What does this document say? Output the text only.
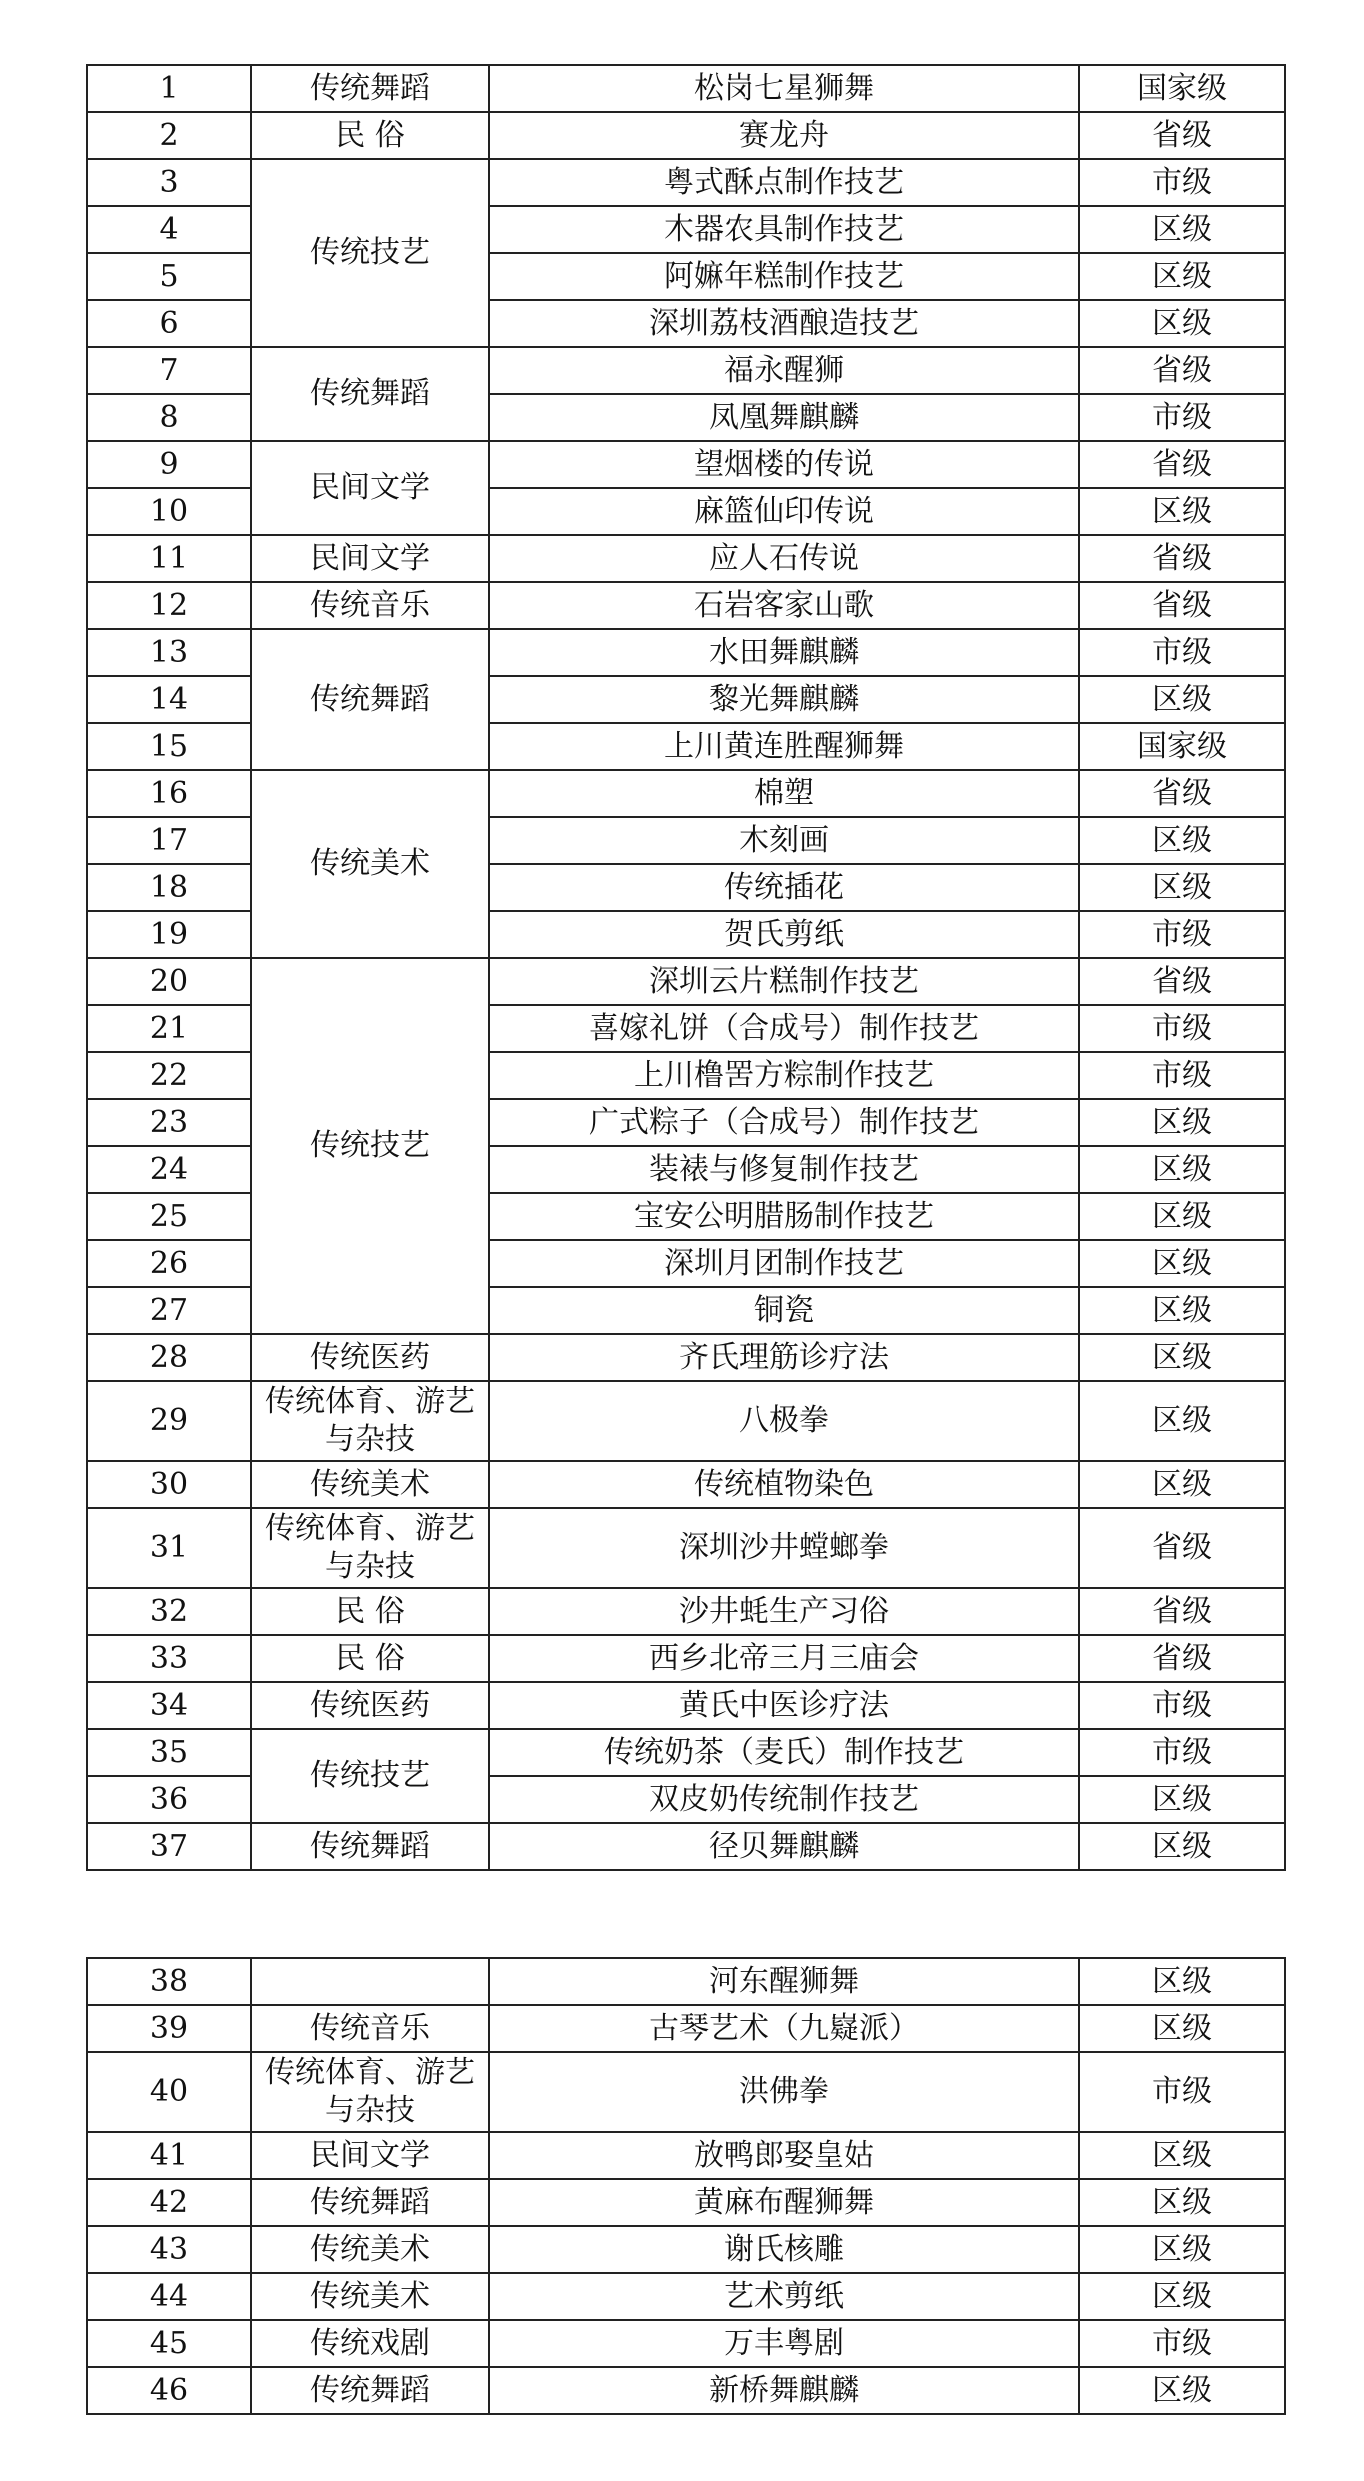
1	传统舞蹈	松岗七星狮舞	国家级
2	民 俗	赛龙舟	省级
3	传统技艺	粤式酥点制作技艺	市级
4		木器农具制作技艺	区级
5		阿嫲年糕制作技艺	区级
6		深圳荔枝酒酿造技艺	区级
7	传统舞蹈	福永醒狮	省级
8		凤凰舞麒麟	市级
9	民间文学	望烟楼的传说	省级
10		麻篮仙印传说	区级
11	民间文学	应人石传说	省级
12	传统音乐	石岩客家山歌	省级
13	传统舞蹈	水田舞麒麟	市级
14		黎光舞麒麟	区级
15		上川黄连胜醒狮舞	国家级
16	传统美术	棉塑	省级
17		木刻画	区级
18		传统插花	区级
19		贺氏剪纸	市级
20	传统技艺	深圳云片糕制作技艺	省级
21		喜嫁礼饼（合成号）制作技艺	市级
22		上川橹罟方粽制作技艺	市级
23		广式粽子（合成号）制作技艺	区级
24		装裱与修复制作技艺	区级
25		宝安公明腊肠制作技艺	区级
26		深圳月团制作技艺	区级
27		铜瓷	区级
28	传统医药	齐氏理筋诊疗法	区级
29	传统体育、游艺与杂技	八极拳	区级
30	传统美术	传统植物染色	区级
31	传统体育、游艺与杂技	深圳沙井螳螂拳	省级
32	民 俗	沙井蚝生产习俗	省级
33	民 俗	西乡北帝三月三庙会	省级
34	传统医药	黄氏中医诊疗法	市级
35	传统技艺	传统奶茶（麦氏）制作技艺	市级
36		双皮奶传统制作技艺	区级
37	传统舞蹈	径贝舞麒麟	区级
38		河东醒狮舞	区级
39	传统音乐	古琴艺术（九嶷派）	区级
40	传统体育、游艺与杂技	洪佛拳	市级
41	民间文学	放鸭郎娶皇姑	区级
42	传统舞蹈	黄麻布醒狮舞	区级
43	传统美术	谢氏核雕	区级
44	传统美术	艺术剪纸	区级
45	传统戏剧	万丰粤剧	市级
46	传统舞蹈	新桥舞麒麟	区级
